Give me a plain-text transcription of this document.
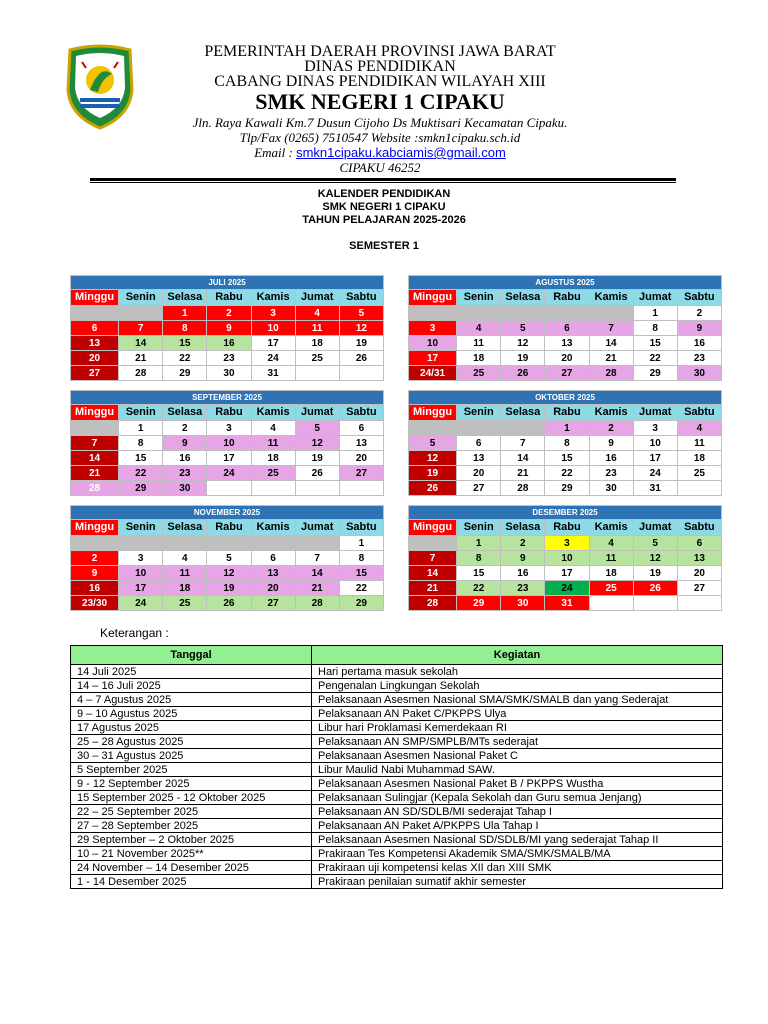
PEMERINTAH DAERAH PROVINSI JAWA BARAT
DINAS PENDIDIKAN
CABANG DINAS PENDIDIKAN WILAYAH XIII
SMK NEGERI 1 CIPAKU
Jln. Raya Kawali Km.7 Dusun Cijoho Ds Muktisari Kecamatan Cipaku.
Tlp/Fax (0265) 7510547 Website :smkn1cipaku.sch.id
Email : smkn1cipaku.kabciamis@gmail.com
CIPAKU 46252
KALENDER PENDIDIKAN
SMK NEGERI 1 CIPAKU
TAHUN PELAJARAN 2025-2026
SEMESTER 1
JULI 2025						
Minggu	Senin	Selasa	Rabu	Kamis	Jumat	Sabtu
		1	2	3	4	5
6	7	8	9	10	11	12
13	14	15	16	17	18	19
20	21	22	23	24	25	26
27	28	29	30	31		
AGUSTUS 2025						
Minggu	Senin	Selasa	Rabu	Kamis	Jumat	Sabtu
					1	2
3	4	5	6	7	8	9
10	11	12	13	14	15	16
17	18	19	20	21	22	23
24/31	25	26	27	28	29	30
SEPTEMBER 2025						
Minggu	Senin	Selasa	Rabu	Kamis	Jumat	Sabtu
	1	2	3	4	5	6
7	8	9	10	11	12	13
14	15	16	17	18	19	20
21	22	23	24	25	26	27
28	29	30				
OKTOBER 2025						
Minggu	Senin	Selasa	Rabu	Kamis	Jumat	Sabtu
			1	2	3	4
5	6	7	8	9	10	11
12	13	14	15	16	17	18
19	20	21	22	23	24	25
26	27	28	29	30	31	
NOVEMBER 2025						
Minggu	Senin	Selasa	Rabu	Kamis	Jumat	Sabtu
						1
2	3	4	5	6	7	8
9	10	11	12	13	14	15
16	17	18	19	20	21	22
23/30	24	25	26	27	28	29
DESEMBER 2025						
Minggu	Senin	Selasa	Rabu	Kamis	Jumat	Sabtu
	1	2	3	4	5	6
7	8	9	10	11	12	13
14	15	16	17	18	19	20
21	22	23	24	25	26	27
28	29	30	31			
Keterangan :
Tanggal	Kegiatan
14 Juli 2025	Hari pertama masuk sekolah
14 – 16 Juli 2025	Pengenalan Lingkungan Sekolah
4 – 7 Agustus 2025	Pelaksanaan Asesmen Nasional SMA/SMK/SMALB dan yang Sederajat
9 – 10 Agustus 2025	Pelaksanaan AN Paket C/PKPPS Ulya
17 Agustus 2025	Libur hari Proklamasi Kemerdekaan RI
25 – 28 Agustus 2025	Pelaksanaan AN SMP/SMPLB/MTs sederajat
30 – 31 Agustus 2025	Pelaksanaan Asesmen Nasional Paket C
5 September 2025	Libur Maulid Nabi Muhammad SAW.
9 - 12 September 2025	Pelaksanaan Asesmen Nasional Paket B / PKPPS Wustha
15 September 2025 - 12 Oktober 2025	Pelaksanaan Sulingjar (Kepala Sekolah dan Guru semua Jenjang)
22 – 25 September 2025	Pelaksanaan AN SD/SDLB/MI sederajat Tahap I
27 – 28 September 2025	Pelaksanaan AN Paket A/PKPPS Ula Tahap I
29 September – 2 Oktober 2025	Pelaksanaan Asesmen Nasional SD/SDLB/MI yang sederajat Tahap II
10 – 21 November 2025**	Prakiraan Tes Kompetensi Akademik SMA/SMK/SMALB/MA
24 November – 14 Desember 2025	Prakiraan uji kompetensi kelas XII dan XIII SMK
1 - 14 Desember 2025	Prakiraan penilaian sumatif akhir semester
